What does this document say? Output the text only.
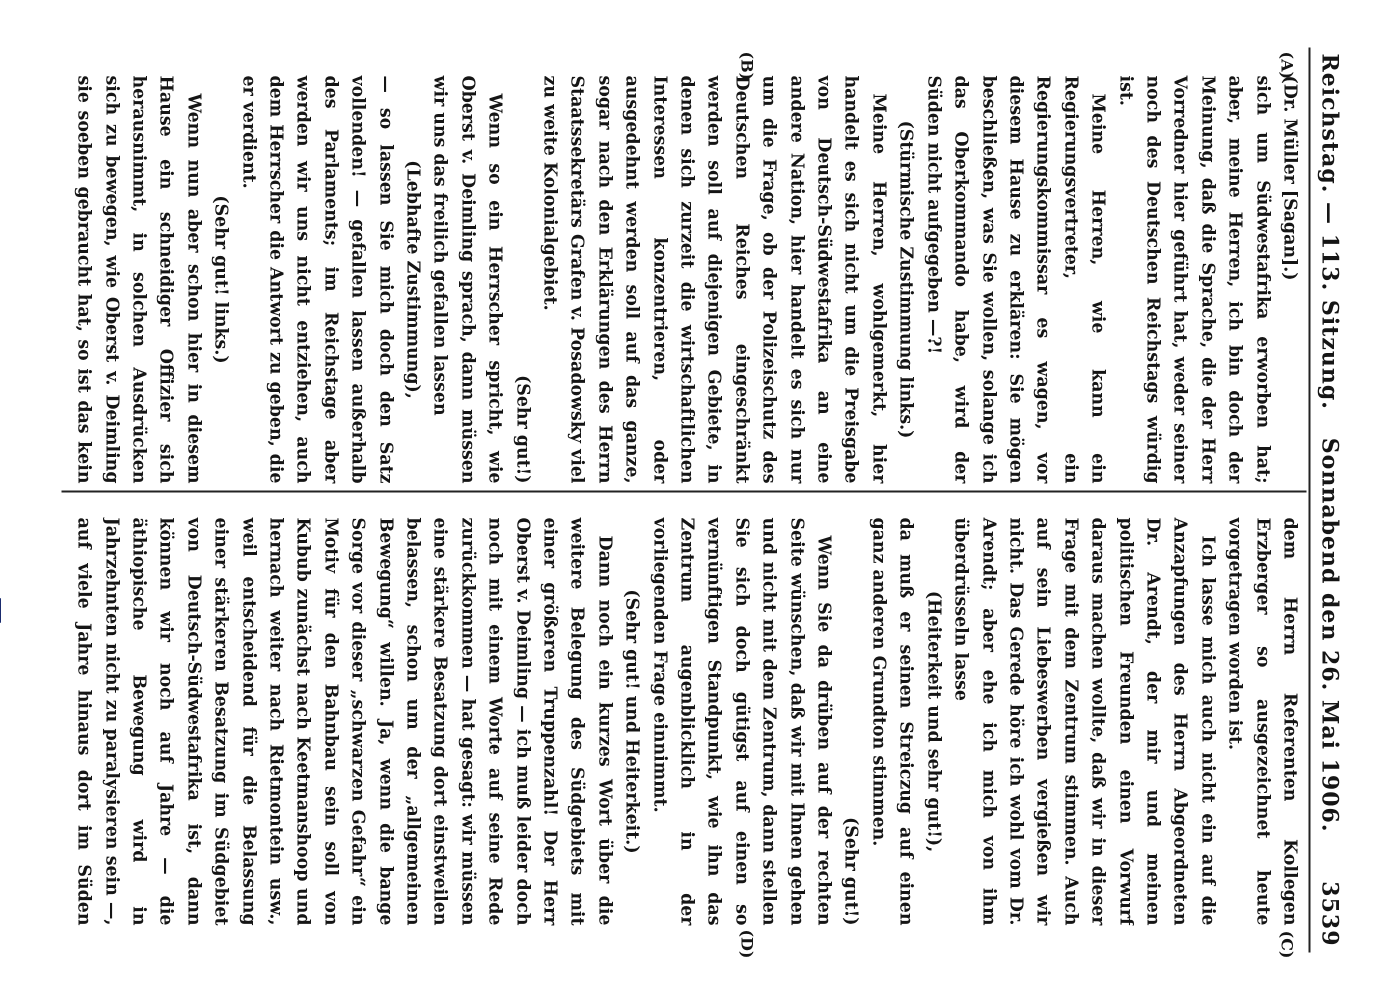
Reichstag. — 113. Sitzung.
Sonnabend den 26. Mai 1906.
3539
(A)
(B)

(Dr. Müller [Sagan].)

sich um Südwestafrika erworben hat; aber, meine Herren, ich bin doch der Meinung, daß die Sprache, die der Herr Vorredner hier geführt hat, weder seiner noch des Deutschen Reichstags würdig ist.

Meine Herren, wie kann ein Regierungsvertreter, ein Regierungskommissar es wagen, vor diesem Hause zu erklären: Sie mögen beschließen, was Sie wollen, solange ich das Oberkommando habe, wird der Süden nicht aufgegeben —?!

(Stürmische Zustimmung links.)

Meine Herren, wohlgemerkt, hier handelt es sich nicht um die Preisgabe von Deutsch-Südwestafrika an eine andere Nation, hier handelt es sich nur um die Frage, ob der Polizeischutz des Deutschen Reiches eingeschränkt werden soll auf diejenigen Gebiete, in denen sich zurzeit die wirtschaftlichen Interessen konzentrieren, oder ausgedehnt werden soll auf das ganze, sogar nach den Erklärungen des Herrn Staatssekretärs Grafen v. Posadowsky viel zu weite Kolonialgebiet.

(Sehr gut!)

Wenn so ein Herrscher spricht, wie Oberst v. Deimling sprach, dann müssen wir uns das freilich gefallen lassen

(Lebhafte Zustimmung),

— so lassen Sie mich doch den Satz vollenden! — gefallen lassen außerhalb des Parlaments; im Reichstage aber werden wir uns nicht entziehen, auch dem Herrscher die Antwort zu geben, die er verdient.

(Sehr gut! links.)

Wenn nun aber schon hier in diesem Hause ein schneidiger Offizier sich herausnimmt, in solchen Ausdrücken sich zu bewegen, wie Oberst v. Deimling sie soeben gebraucht hat, so ist das kein

dem Herrn Referenten Kollegen Erzberger so ausgezeichnet heute vorgetragen worden ist.

Ich lasse mich auch nicht ein auf die Anzapfungen des Herrn Abgeordneten Dr. Arendt, der mir und meinen politischen Freunden einen Vorwurf daraus machen wollte, daß wir in dieser Frage mit dem Zentrum stimmen. Auch auf sein Liebeswerben vergießen wir nicht. Das Gerede höre ich wohl vom Dr. Arendt; aber ehe ich mich von ihm überdrüsseln lasse

(Heiterkeit und sehr gut!),

da muß er seinen Streiczug auf einen ganz anderen Grundton stimmen.

(Sehr gut!)

Wenn Sie da drüben auf der rechten Seite wünschen, daß wir mit Ihnen gehen und nicht mit dem Zentrum, dann stellen Sie sich doch gütigst auf einen so vernünftigen Standpunkt, wie ihn das Zentrum augenblicklich in der vorliegenden Frage einnimmt.

(Sehr gut! und Heiterkeit.)

Dann noch ein kurzes Wort über die weitere Belegung des Südgebiets mit einer größeren Truppenzahl! Der Herr Oberst v. Deimling — ich muß leider doch noch mit einem Worte auf seine Rede zurückkommen — hat gesagt: wir müssen eine stärkere Besatzung dort einstweilen belassen, schon um der „allgemeinen Bewegung“ willen. Ja, wenn die bange Sorge vor dieser „schwarzen Gefahr“ ein Motiv für den Bahnbau sein soll von Kubub zunächst nach Keetmanshoop und hernach weiter nach Rietmontein usw., weil entscheidend für die Belassung einer stärkeren Besatzung im Südgebiet von Deutsch-Südwestafrika ist, dann können wir noch auf Jahre — die äthiopische Bewegung wird in Jahrzehnten nicht zu paralysieren sein —, auf viele Jahre hinaus dort im Süden

(C)
(D)
